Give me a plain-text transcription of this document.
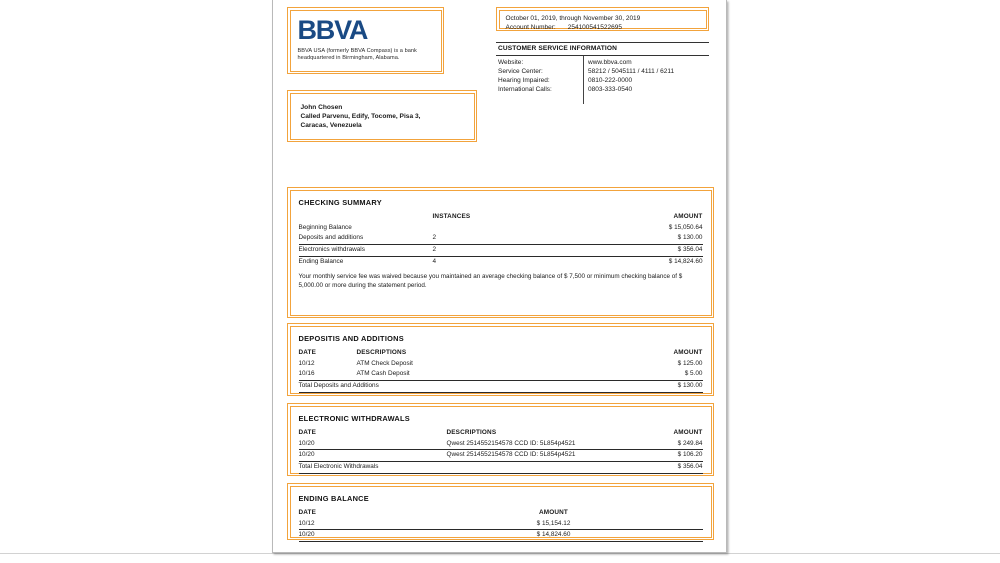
BBVA
BBVA USA (formerly BBVA Compass) is a bank headquartered in Birmingham, Alabama.
John Chosen
Called Parvenu, Edify, Tocome, Pisa 3,
Caracas, Venezuela
October 01, 2019, through November 30, 2019
Account Number: 254100541522695
CUSTOMER SERVICE INFORMATION
Website:	www.bbva.com
Service Center:	58212 / 5045111 / 4111 / 6211
Hearing Impaired:	0810-222-0000
International Calls:	0803-333-0540
CHECKING SUMMARY
	INSTANCES	AMOUNT
Beginning Balance		$ 15,050.64
Deposits and additions	2	$ 130.00
Electronics withdrawals	2	$ 356.04
Ending Balance	4	$ 14,824.60
Your monthly service fee was waived because you maintained an average checking balance of $ 7,500 or minimum checking balance of $ 5,000.00 or more during the statement period.
DEPOSITIS AND ADDITIONS
DATE	DESCRIPTIONS	AMOUNT
10/12	ATM Check Deposit	$ 125.00
10/16	ATM Cash Deposit	$ 5.00
Total Deposits and Additions		$ 130.00
ELECTRONIC WITHDRAWALS
DATE	DESCRIPTIONS	AMOUNT
10/20	Qwest 2514552154578 CCD ID: 5L854p4521	$ 249.84
10/20	Qwest 2514552154578 CCD ID: 5L854p4521	$ 106.20
Total Electronic Withdrawals		$ 356.04
ENDING BALANCE
DATE	AMOUNT	
10/12	$ 15,154.12	
10/20	$ 14,824.60	
